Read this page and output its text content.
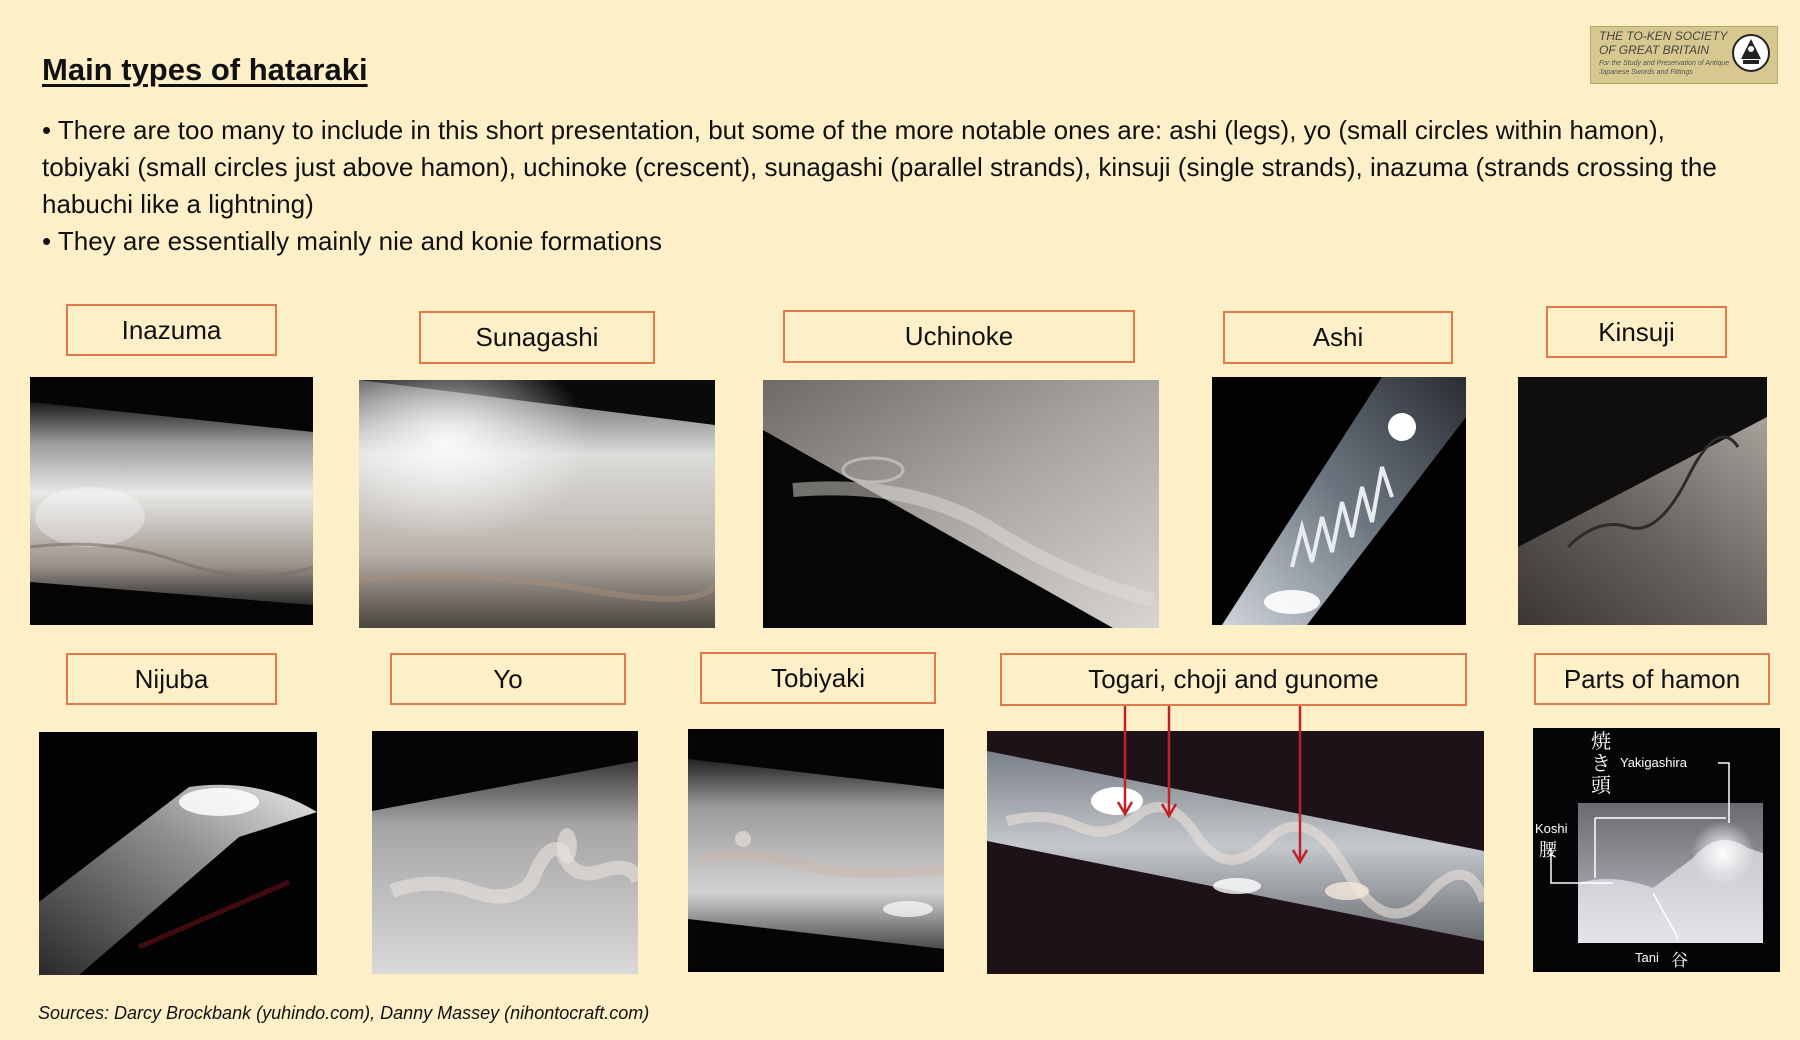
Main types of hataraki

• There are too many to include in this short presentation, but some of the more notable ones are: ashi (legs), yo (small circles within hamon), tobiyaki (small circles just above hamon), uchinoke (crescent), sunagashi (parallel strands), kinsuji (single strands), inazuma (strands crossing the habuchi like a lightning)

• They are essentially mainly nie and konie formations

THE TO-KEN SOCIETY
OF GREAT BRITAIN
For the Study and Preservation of Antique Japanese Swords and Fittings
Inazuma	Sunagashi	Uchinoke	Ashi	Kinsuji
Nijuba	Yo	Tobiyaki	Togari, choji and gunome	Parts of hamon
焼き頭
Yakigashira
Koshi
腰
Tani 谷
Sources: Darcy Brockbank (yuhindo.com), Danny Massey (nihontocraft.com)
